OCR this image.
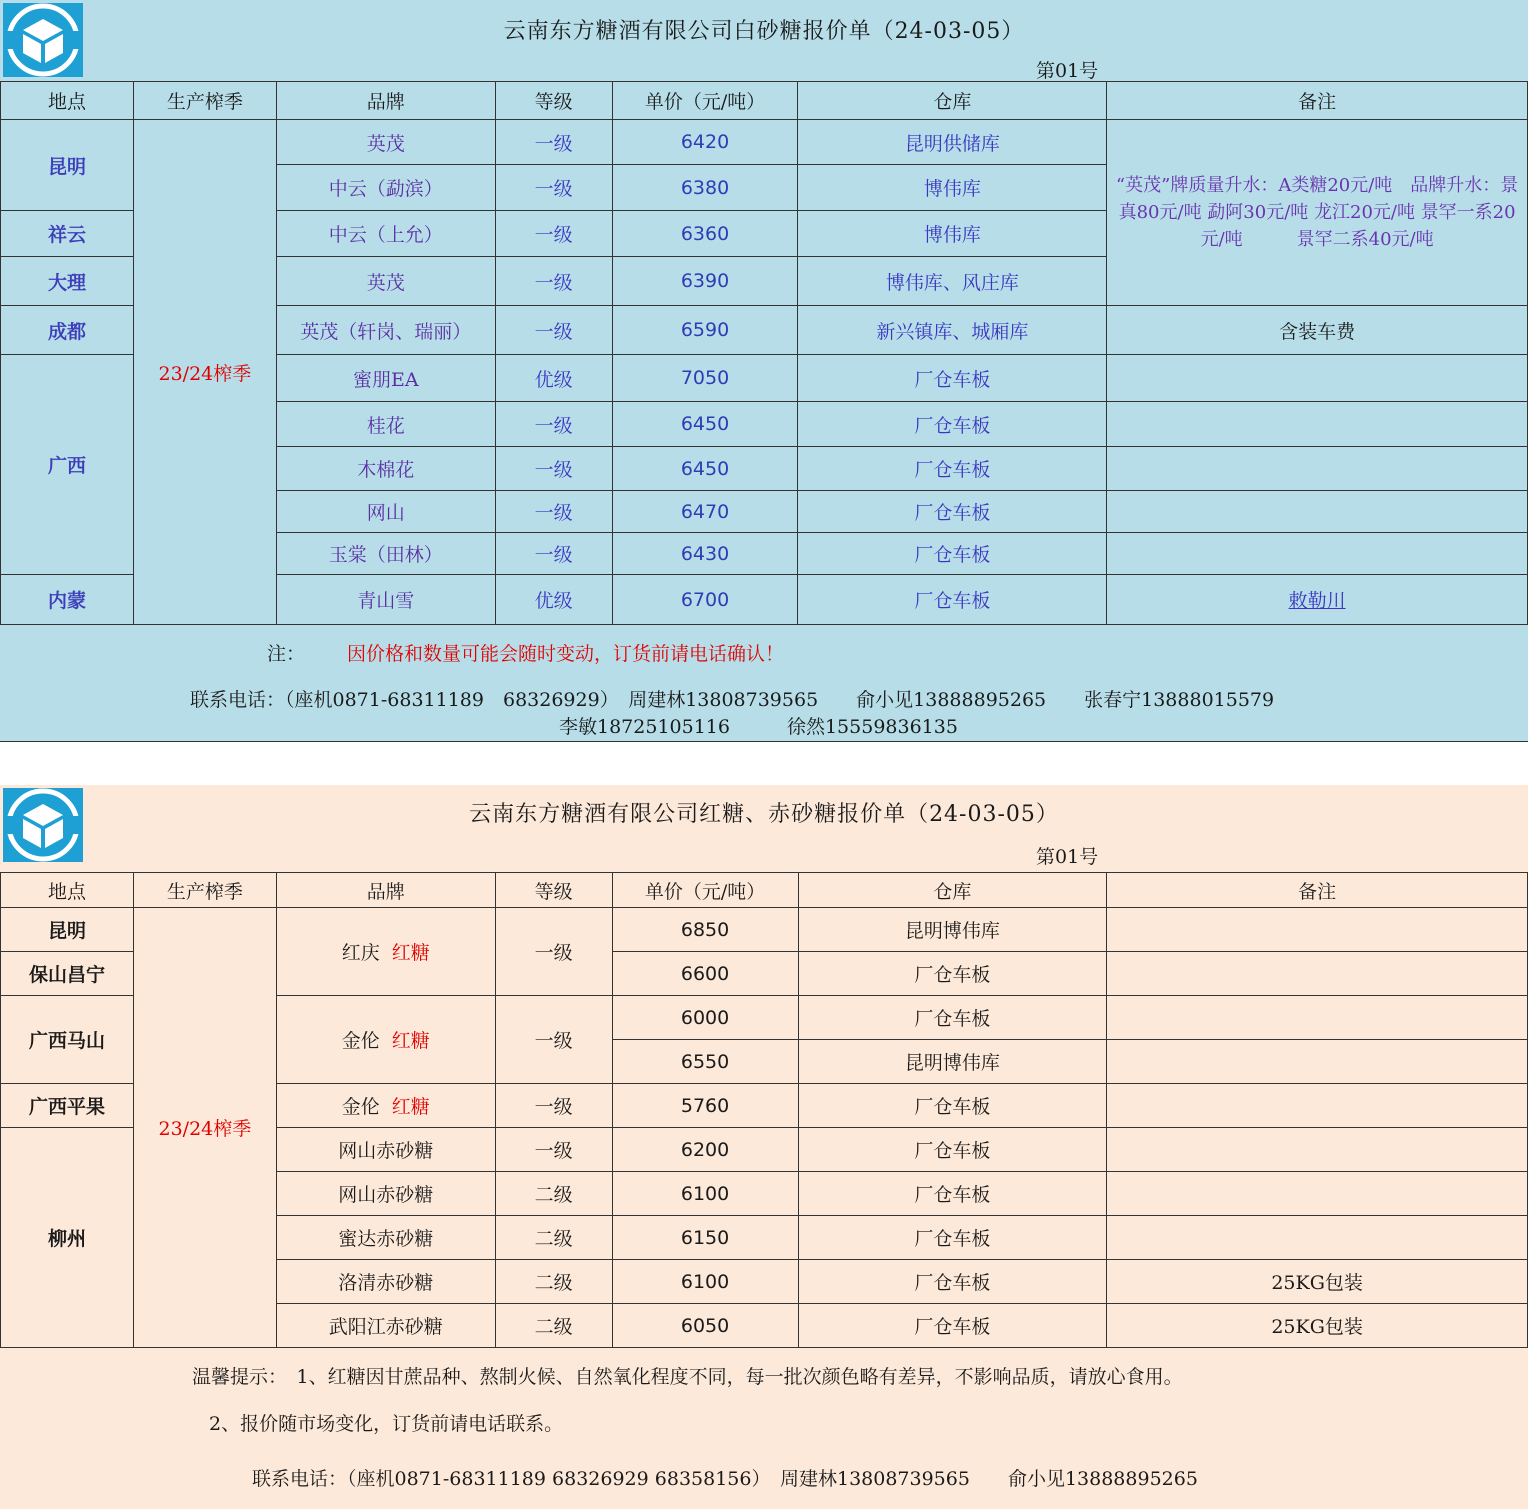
云南东方糖酒有限公司白砂糖报价单（24-03-05）
第01号
地点	生产榨季	品牌	等级	单价（元/吨）	仓库	备注
昆明	23/24榨季	英茂	一级	6420	昆明供储库	“英茂”牌质量升水：A类糖20元/吨　品牌升水：景真80元/吨 勐阿30元/吨 龙江20元/吨 景罕一系20元/吨　　　景罕二系40元/吨
		中云（勐滨）	一级	6380	博伟库	
祥云		中云（上允）	一级	6360	博伟库	
大理		英茂	一级	6390	博伟库、风庄库	
成都		英茂（轩岗、瑞丽）	一级	6590	新兴镇库、城厢库	含装车费
广西		蜜朋EA	优级	7050	厂仓车板	
		桂花	一级	6450	厂仓车板	
		木棉花	一级	6450	厂仓车板	
		网山	一级	6470	厂仓车板	
		玉棠（田林）	一级	6430	厂仓车板	
内蒙		青山雪	优级	6700	厂仓车板	敕勒川
注： 因价格和数量可能会随时变动，订货前请电话确认！
联系电话：（座机0871-68311189　68326929）　周建林13808739565　　俞小见13888895265　　张春宁13888015579
李敏18725105116　　　徐然15559836135
云南东方糖酒有限公司红糖、赤砂糖报价单（24-03-05）
第01号
地点	生产榨季	品牌	等级	单价（元/吨）	仓库	备注
昆明	23/24榨季	红庆 红糖	一级	6850	昆明博伟库	
保山昌宁				6600	厂仓车板	
广西马山		金伦 红糖	一级	6000	厂仓车板	
				6550	昆明博伟库	
广西平果		金伦 红糖	一级	5760	厂仓车板	
柳州		网山赤砂糖	一级	6200	厂仓车板	
		网山赤砂糖	二级	6100	厂仓车板	
		蜜达赤砂糖	二级	6150	厂仓车板	
		洛清赤砂糖	二级	6100	厂仓车板	25KG包装
		武阳江赤砂糖	二级	6050	厂仓车板	25KG包装
温馨提示：　1、红糖因甘蔗品种、熬制火候、自然氧化程度不同，每一批次颜色略有差异，不影响品质，请放心食用。
2、报价随市场变化，订货前请电话联系。
联系电话：（座机0871-68311189 68326929 68358156）　周建林13808739565　　俞小见13888895265
